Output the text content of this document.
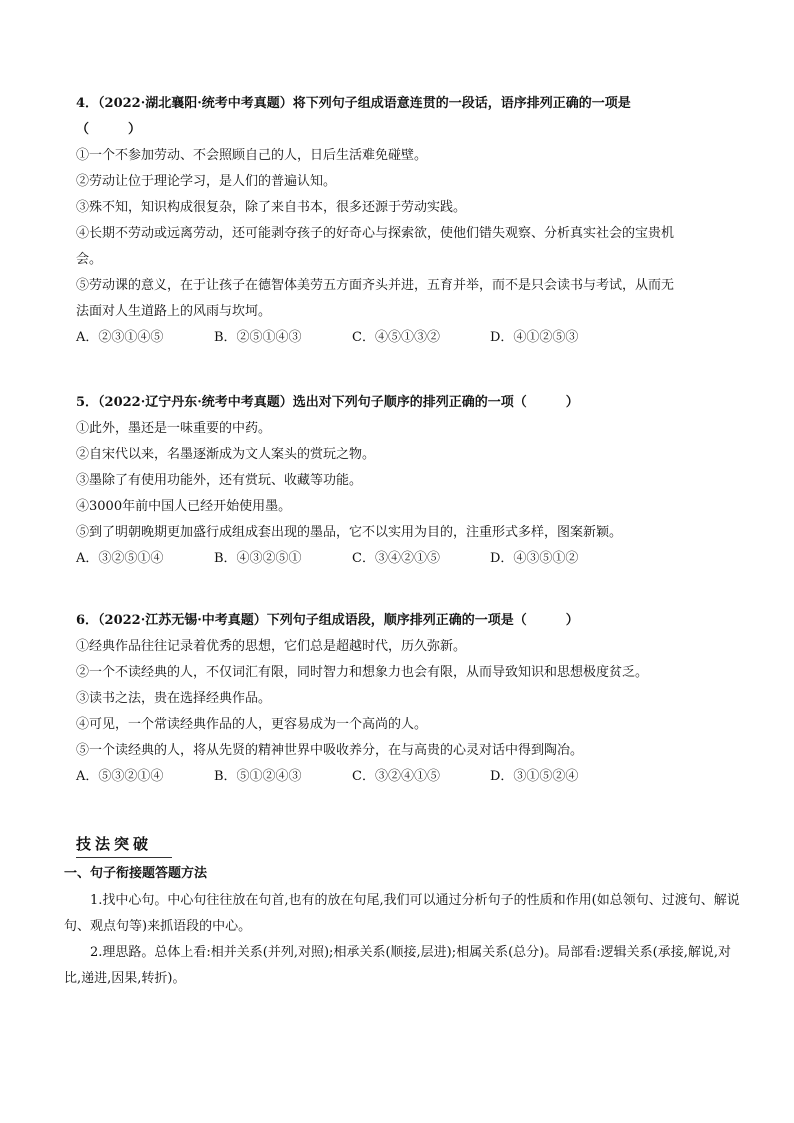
4．（2022·湖北襄阳·统考中考真题）将下列句子组成语意连贯的一段话，语序排列正确的一项是
（　　　）
①一个不参加劳动、不会照顾自己的人，日后生活难免碰壁。
②劳动让位于理论学习，是人们的普遍认知。
③殊不知，知识构成很复杂，除了来自书本，很多还源于劳动实践。
④长期不劳动或远离劳动，还可能剥夺孩子的好奇心与探索欲，使他们错失观察、分析真实社会的宝贵机
会。
⑤劳动课的意义，在于让孩子在德智体美劳五方面齐头并进，五育并举，而不是只会读书与考试，从而无
法面对人生道路上的风雨与坎坷。
A．②③①④⑤	B．②⑤①④③	C．④⑤①③②	D．④①②⑤③
5．（2022·辽宁丹东·统考中考真题）选出对下列句子顺序的排列正确的一项（　　　）
①此外，墨还是一味重要的中药。
②自宋代以来，名墨逐渐成为文人案头的赏玩之物。
③墨除了有使用功能外，还有赏玩、收藏等功能。
④3000年前中国人已经开始使用墨。
⑤到了明朝晚期更加盛行成组成套出现的墨品，它不以实用为目的，注重形式多样，图案新颖。
A．③②⑤①④	B．④③②⑤①	C．③④②①⑤	D．④③⑤①②
6．（2022·江苏无锡·中考真题）下列句子组成语段，顺序排列正确的一项是（　　　）
①经典作品往往记录着优秀的思想，它们总是超越时代，历久弥新。
②一个不读经典的人，不仅词汇有限，同时智力和想象力也会有限，从而导致知识和思想极度贫乏。
③读书之法，贵在选择经典作品。
④可见，一个常读经典作品的人，更容易成为一个高尚的人。
⑤一个读经典的人，将从先贤的精神世界中吸收养分，在与高贵的心灵对话中得到陶冶。
A．⑤③②①④	B．⑤①②④③	C．③②④①⑤	D．③①⑤②④
技法突破
一、句子衔接题答题方法

1.找中心句。中心句往往放在句首,也有的放在句尾,我们可以通过分析句子的性质和作用(如总领句、过渡句、解说句、观点句等)来抓语段的中心。

2.理思路。总体上看:相并关系(并列,对照);相承关系(顺接,层进);相属关系(总分)。局部看:逻辑关系(承接,解说,对比,递进,因果,转折)。
